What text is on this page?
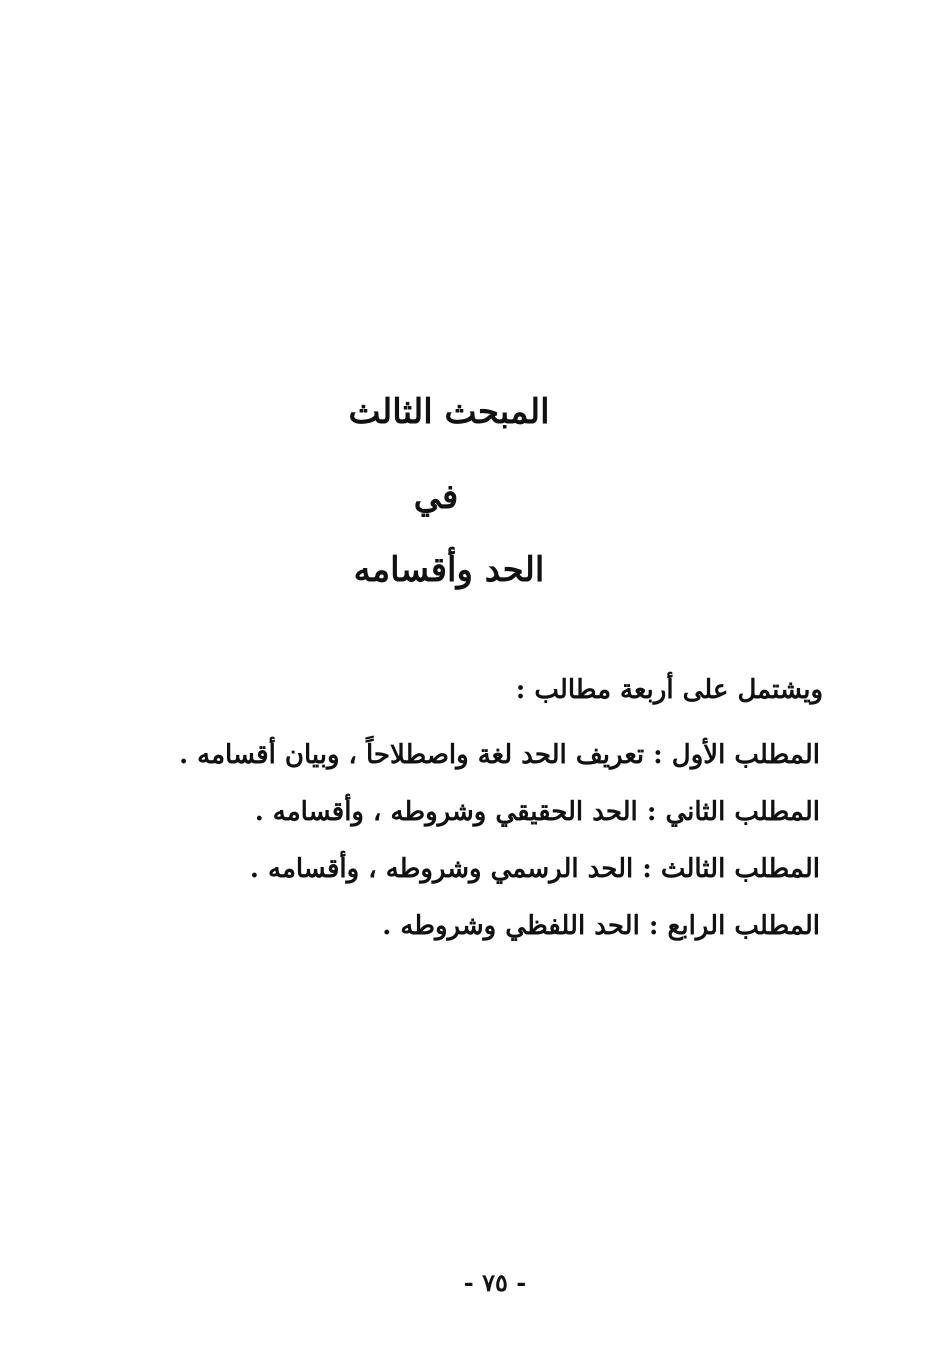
المبحث الثالث
في
الحد وأقسامه
ويشتمل على أربعة مطالب :
المطلب الأول : تعريف الحد لغة واصطلاحاً ، وبيان أقسامه .
المطلب الثاني : الحد الحقيقي وشروطه ، وأقسامه .
المطلب الثالث : الحد الرسمي وشروطه ، وأقسامه .
المطلب الرابع : الحد اللفظي وشروطه .
- ٧٥ -
